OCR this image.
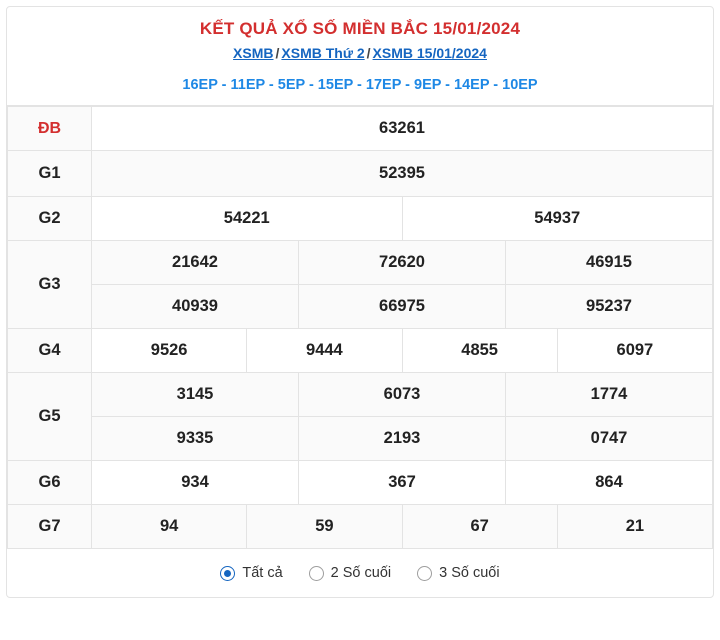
KẾT QUẢ XỔ SỐ MIỀN BẮC 15/01/2024
XSMB / XSMB Thứ 2 / XSMB 15/01/2024
16EP - 11EP - 5EP - 15EP - 17EP - 9EP - 14EP - 10EP
ĐB	63261					
G1	52395					
G2	54221			54937		
G3	21642		72620		46915	
	40939		66975		95237	
G4	9526	9444		4855		6097
G5	3145		6073		1774	
	9335		2193		0747	
G6	934		367		864	
G7	94	59		67		21
Tất cả	2 Số cuối	3 Số cuối
